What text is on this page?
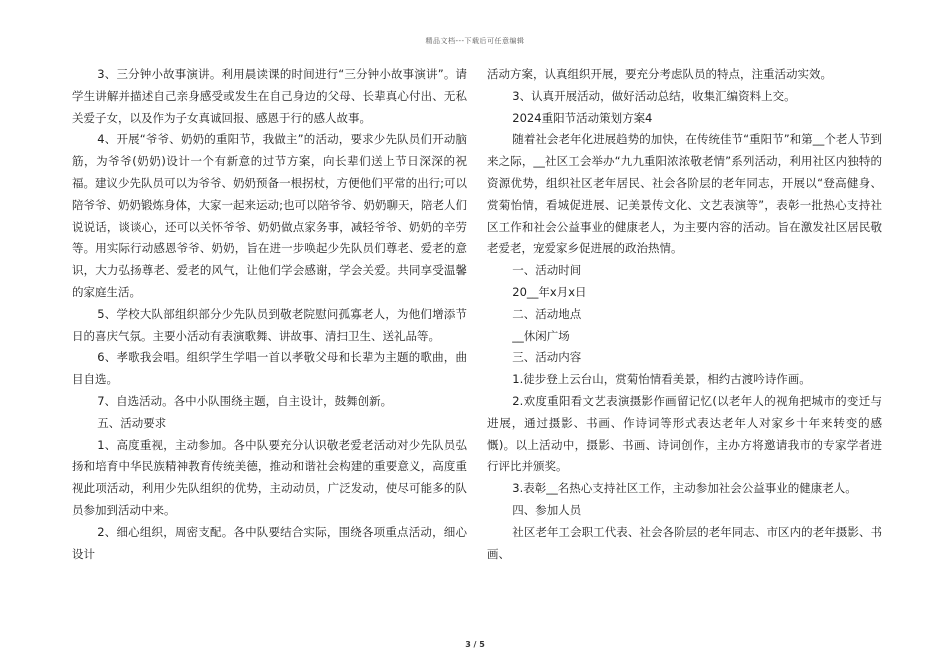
精品文档---下载后可任意编辑

3、三分钟小故事演讲。利用晨读课的时间进行“三分钟小故事演讲”。请学生讲解并描述自己亲身感受或发生在自己身边的父母、长辈真心付出、无私关爱子女，以及作为子女真诚回报、感恩于行的感人故事。

4、开展“爷爷、奶奶的重阳节，我做主”的活动，要求少先队员们开动脑筋，为爷爷(奶奶)设计一个有新意的过节方案，向长辈们送上节日深深的祝福。建议少先队员可以为爷爷、奶奶预备一根拐杖，方便他们平常的出行;可以陪爷爷、奶奶锻炼身体，大家一起来运动;也可以陪爷爷、奶奶聊天，陪老人们说说话，谈谈心，还可以关怀爷爷、奶奶做点家务事，减轻爷爷、奶奶的辛劳等。用实际行动感恩爷爷、奶奶，旨在进一步唤起少先队员们尊老、爱老的意识，大力弘扬尊老、爱老的风气，让他们学会感谢，学会关爱。共同享受温馨的家庭生活。

5、学校大队部组织部分少先队员到敬老院慰问孤寡老人，为他们增添节日的喜庆气氛。主要小活动有表演歌舞、讲故事、清扫卫生、送礼品等。

6、孝歌我会唱。组织学生学唱一首以孝敬父母和长辈为主题的歌曲，曲目自选。

7、自选活动。各中小队围绕主题，自主设计，鼓舞创新。

五、活动要求

1、高度重视，主动参加。各中队要充分认识敬老爱老活动对少先队员弘扬和培育中华民族精神教育传统美德，推动和谐社会构建的重要意义，高度重视此项活动，利用少先队组织的优势，主动动员，广泛发动，使尽可能多的队员参加到活动中来。

2、细心组织，周密支配。各中队要结合实际，围绕各项重点活动，细心设计

活动方案，认真组织开展，要充分考虑队员的特点，注重活动实效。

3、认真开展活动，做好活动总结，收集汇编资料上交。

2024重阳节活动策划方案4

随着社会老年化进展趋势的加快，在传统佳节“重阳节”和第__个老人节到来之际，__社区工会举办“九九重阳浓浓敬老情”系列活动，利用社区内独特的资源优势，组织社区老年居民、社会各阶层的老年同志，开展以“登高健身、赏菊怡情，看城促进展、记美景传文化、文艺表演等”，表彰一批热心支持社区工作和社会公益事业的健康老人，为主要内容的活动。旨在激发社区居民敬老爱老，宠爱家乡促进展的政治热情。

一、活动时间

20__年x月x日

二、活动地点

__休闲广场

三、活动内容

1.徒步登上云台山，赏菊怡情看美景，相约古渡吟诗作画。

2.欢度重阳看文艺表演摄影作画留记忆(以老年人的视角把城市的变迁与进展，通过摄影、书画、作诗词等形式表达老年人对家乡十年来转变的感慨)。以上活动中，摄影、书画、诗词创作，主办方将邀请我市的专家学者进行评比并颁奖。

3.表彰__名热心支持社区工作，主动参加社会公益事业的健康老人。

四、参加人员

社区老年工会职工代表、社会各阶层的老年同志、市区内的老年摄影、书画、

3 / 5
